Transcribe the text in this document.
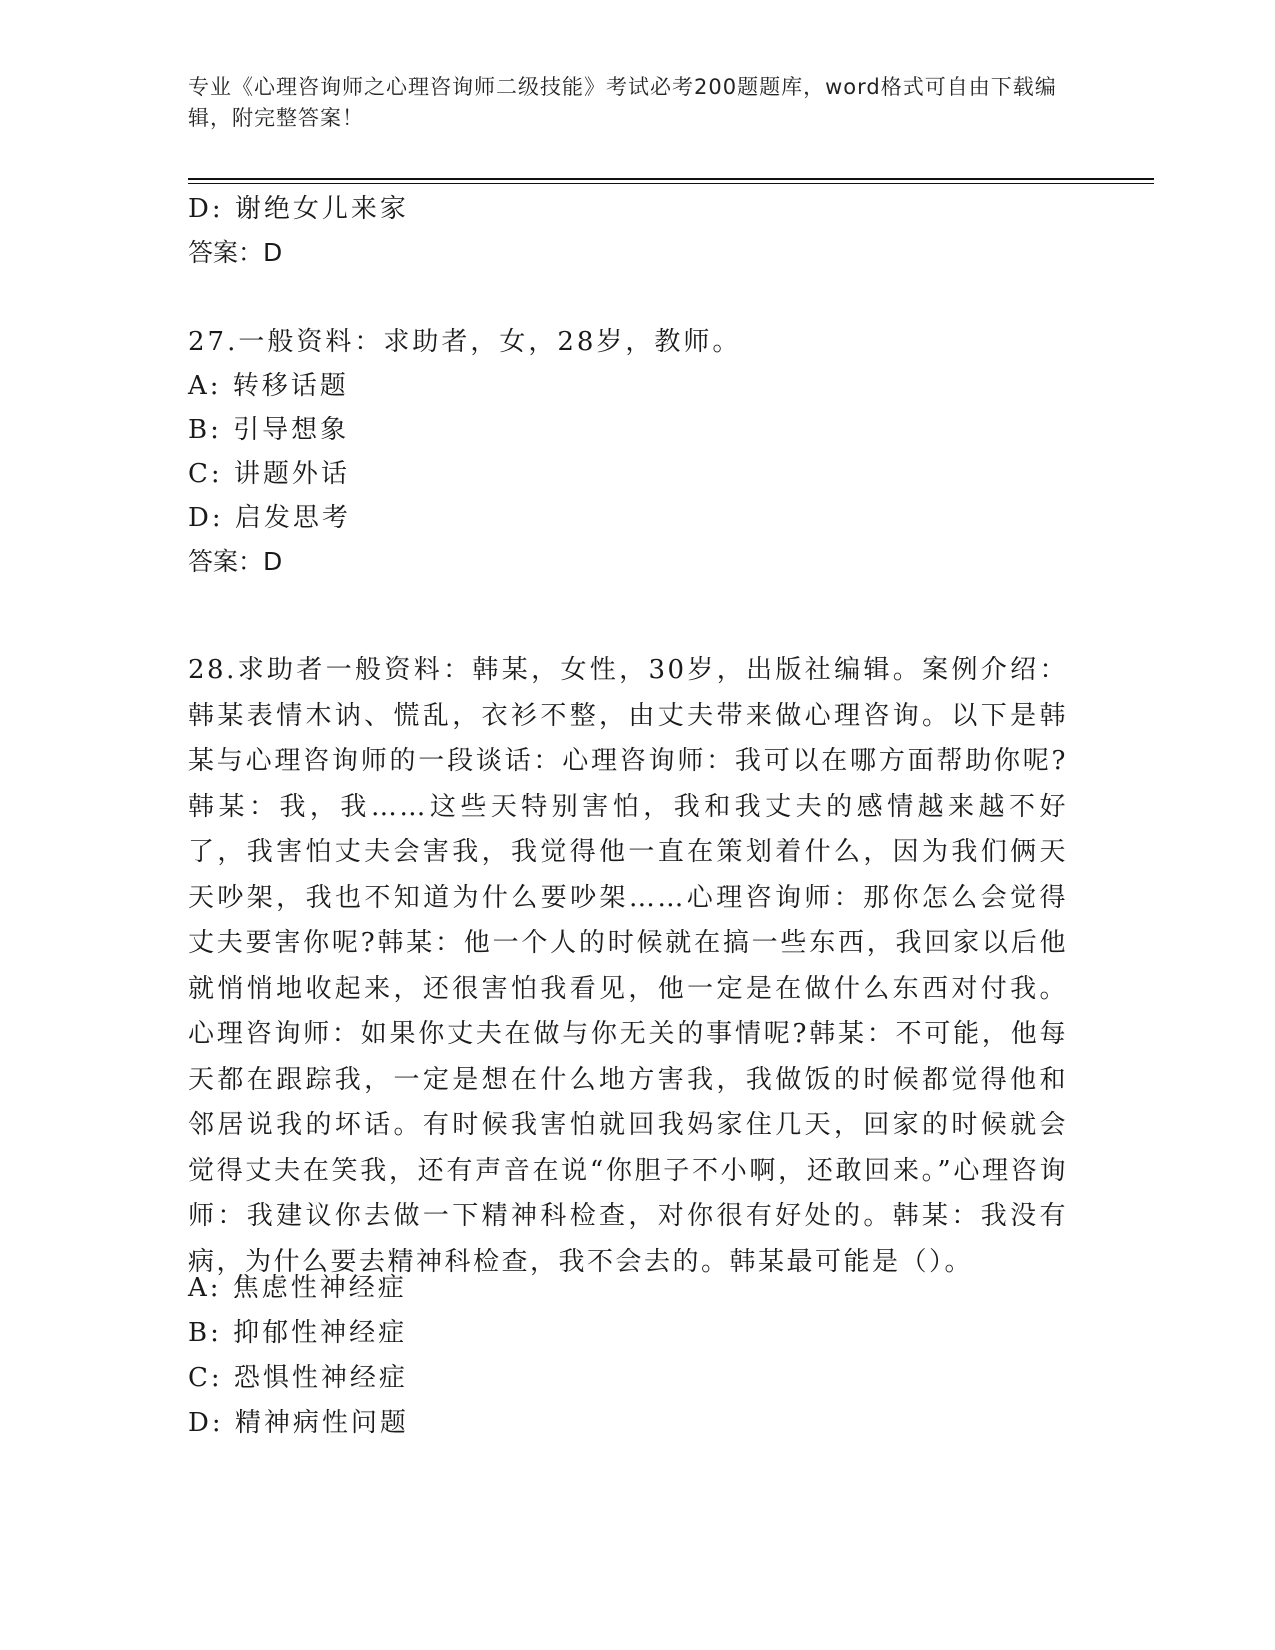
专业《心理咨询师之心理咨询师二级技能》考试必考200题题库，word格式可自由下载编辑，附完整答案！
D: 谢绝女儿来家
答案：D
27.一般资料：求助者，女，28岁，教师。
A: 转移话题
B: 引导想象
C: 讲题外话
D: 启发思考
答案：D
28.求助者一般资料：韩某，女性，30岁，出版社编辑。案例介绍：韩某表情木讷、慌乱，衣衫不整，由丈夫带来做心理咨询。以下是韩某与心理咨询师的一段谈话：心理咨询师：我可以在哪方面帮助你呢?韩某：我，我……这些天特别害怕，我和我丈夫的感情越来越不好了，我害怕丈夫会害我，我觉得他一直在策划着什么，因为我们俩天天吵架，我也不知道为什么要吵架……心理咨询师：那你怎么会觉得丈夫要害你呢?韩某：他一个人的时候就在搞一些东西，我回家以后他就悄悄地收起来，还很害怕我看见，他一定是在做什么东西对付我。心理咨询师：如果你丈夫在做与你无关的事情呢?韩某：不可能，他每天都在跟踪我，一定是想在什么地方害我，我做饭的时候都觉得他和邻居说我的坏话。有时候我害怕就回我妈家住几天，回家的时候就会觉得丈夫在笑我，还有声音在说“你胆子不小啊，还敢回来。”心理咨询师：我建议你去做一下精神科检查，对你很有好处的。韩某：我没有病，为什么要去精神科检查，我不会去的。韩某最可能是（）。
A: 焦虑性神经症
B: 抑郁性神经症
C: 恐惧性神经症
D: 精神病性问题
